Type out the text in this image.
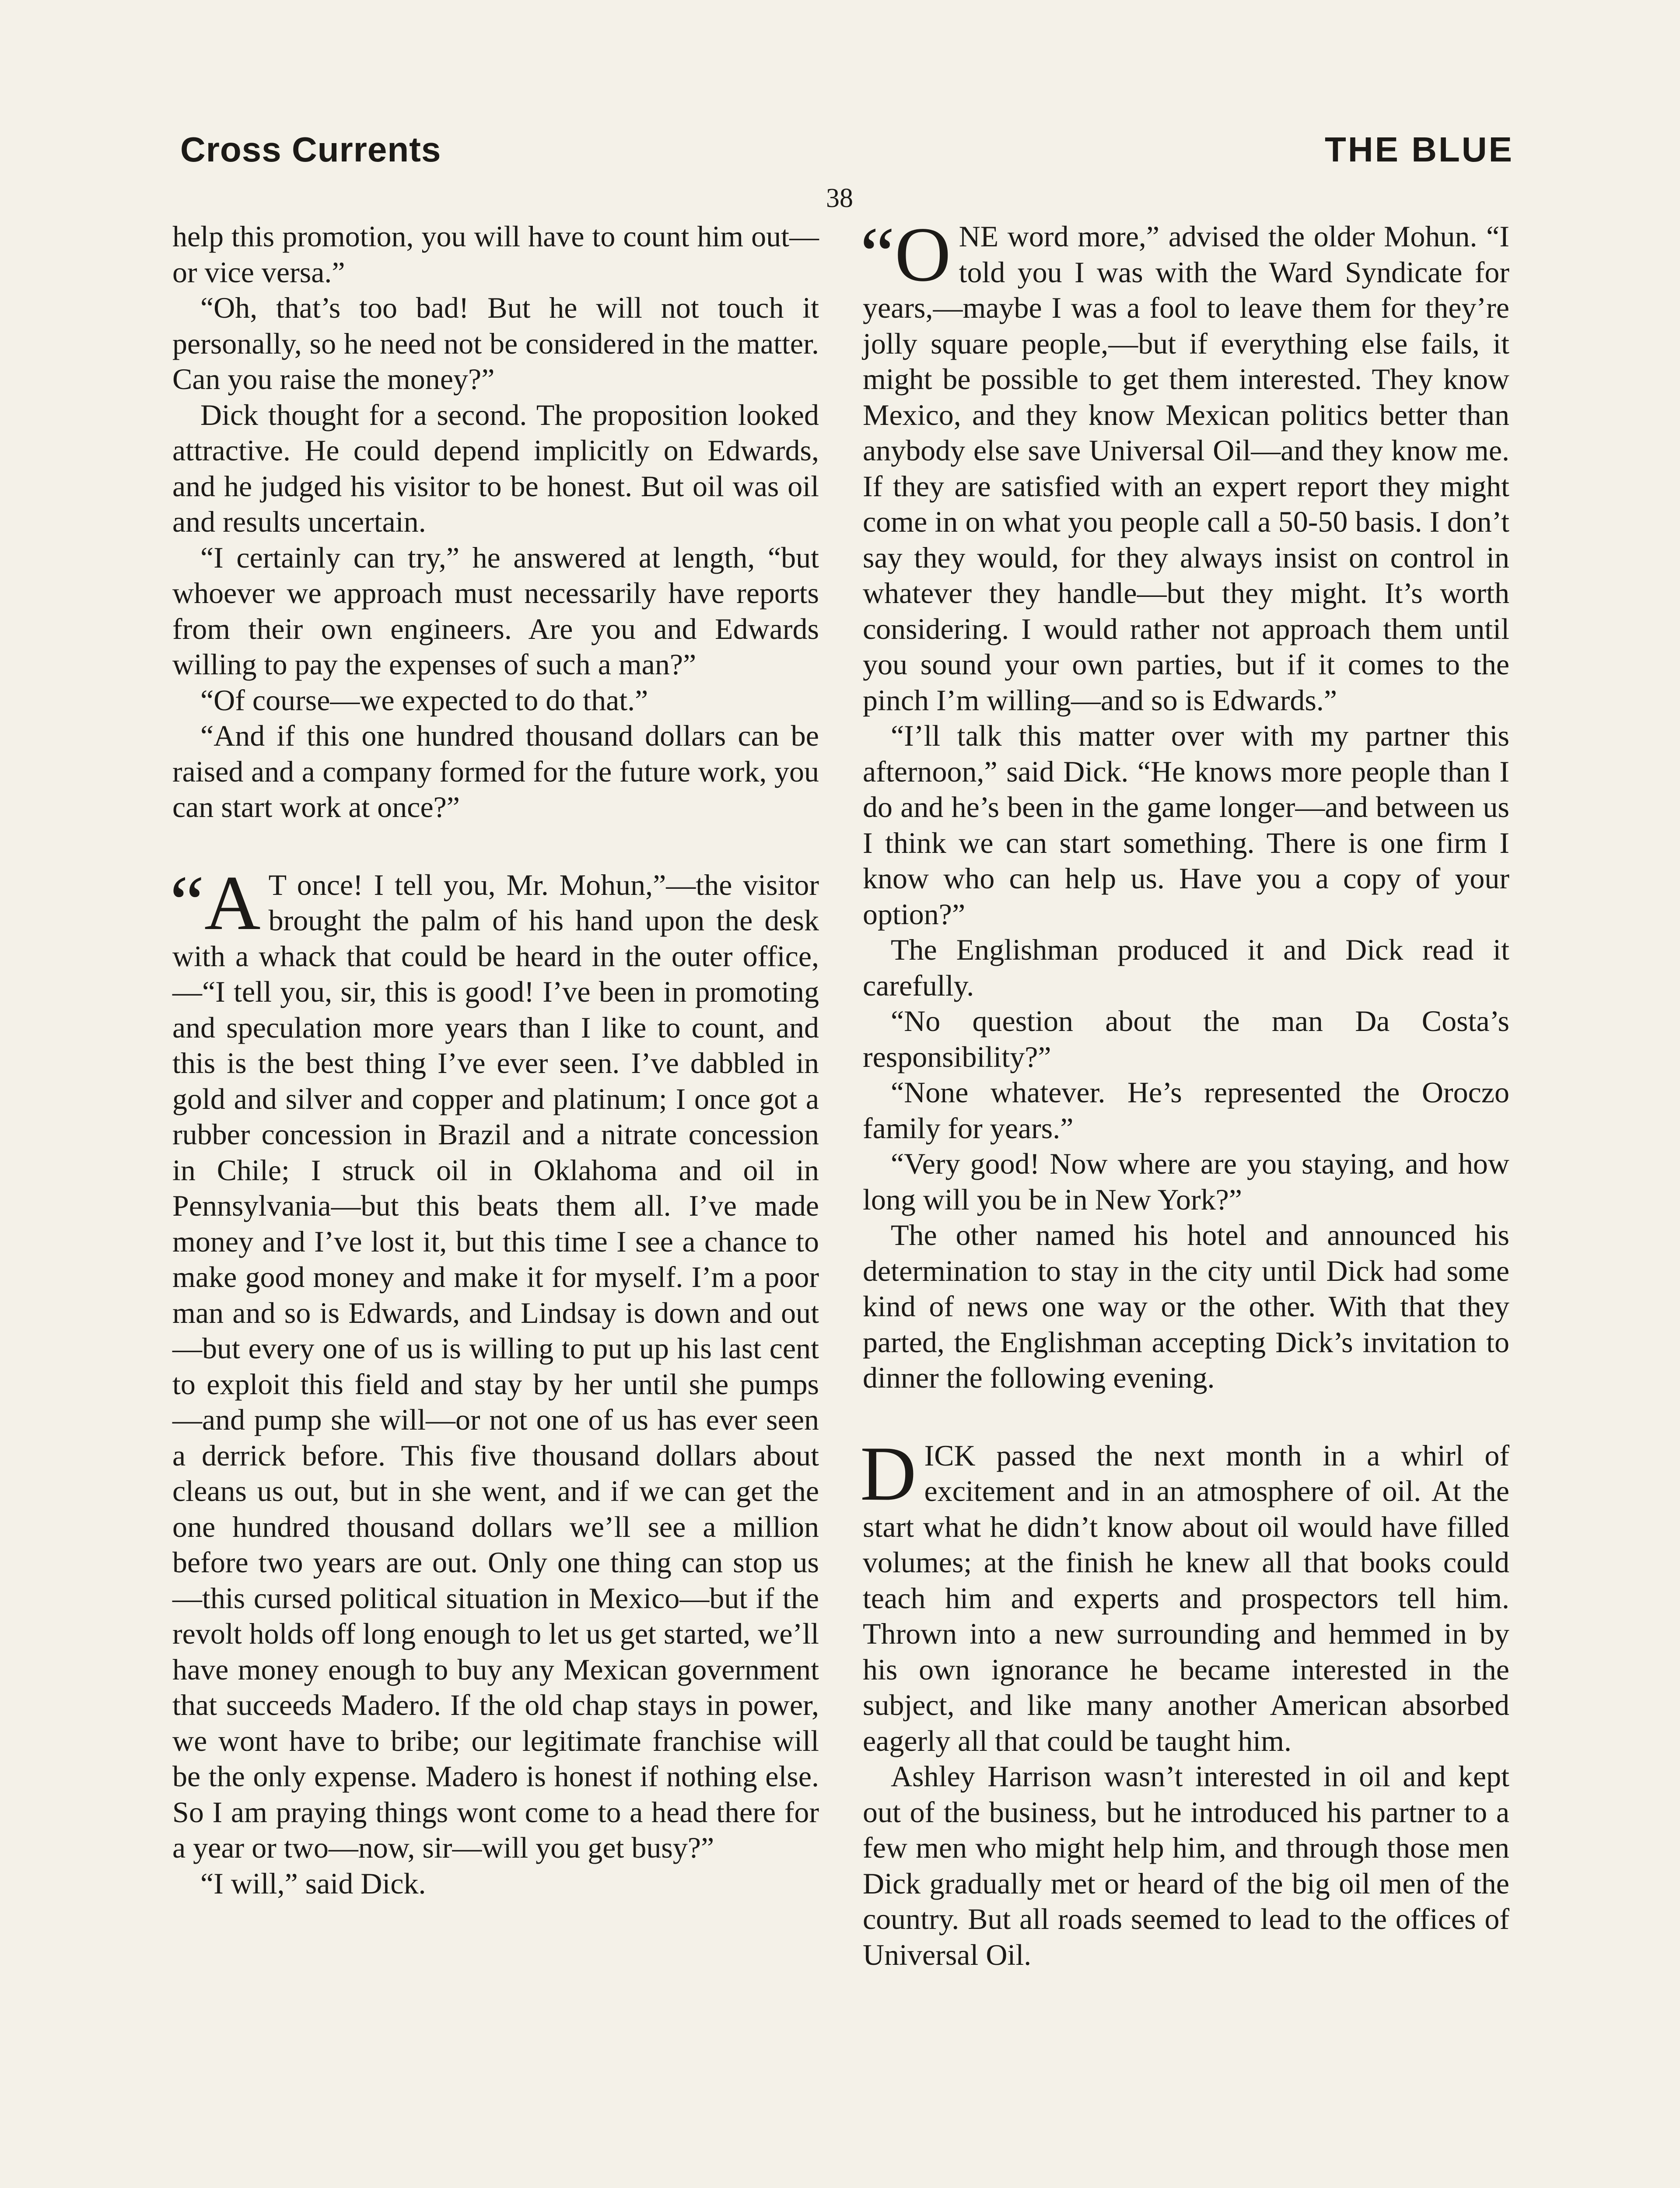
Cross Currents	THE BLUE
38

help this promotion, you will have to count him out—or vice versa.”

“Oh, that’s too bad! But he will not touch it personally, so he need not be considered in the matter. Can you raise the money?”

Dick thought for a second. The proposition looked attractive. He could depend implicitly on Edwards, and he judged his visitor to be honest. But oil was oil and results uncertain.

“I certainly can try,” he answered at length, “but whoever we approach must necessarily have reports from their own engineers. Are you and Edwards willing to pay the expenses of such a man?”

“Of course—we expected to do that.”

“And if this one hundred thousand dollars can be raised and a company formed for the future work, you can start work at once?”

“A T once! I tell you, Mr. Mohun,”—the visitor brought the palm of his hand upon the desk with a whack that could be heard in the outer office,—“I tell you, sir, this is good! I’ve been in promoting and speculation more years than I like to count, and this is the best thing I’ve ever seen. I’ve dabbled in gold and silver and copper and platinum; I once got a rubber concession in Brazil and a nitrate concession in Chile; I struck oil in Oklahoma and oil in Pennsylvania—but this beats them all. I’ve made money and I’ve lost it, but this time I see a chance to make good money and make it for myself. I’m a poor man and so is Edwards, and Lindsay is down and out—but every one of us is willing to put up his last cent to exploit this field and stay by her until she pumps —and pump she will—or not one of us has ever seen a derrick before. This five thousand dollars about cleans us out, but in she went, and if we can get the one hundred thousand dollars we’ll see a million before two years are out. Only one thing can stop us—this cursed political situation in Mexico—but if the revolt holds off long enough to let us get started, we’ll have money enough to buy any Mexican government that succeeds Madero. If the old chap stays in power, we wont have to bribe; our legitimate franchise will be the only expense. Madero is honest if nothing else. So I am praying things wont come to a head there for a year or two—now, sir—will you get busy?”

“I will,” said Dick.

“O NE word more,” advised the older Mohun. “I told you I was with the Ward Syndicate for years,—maybe I was a fool to leave them for they’re jolly square people,—but if everything else fails, it might be possible to get them interested. They know Mexico, and they know Mexican politics better than anybody else save Universal Oil—and they know me. If they are satisfied with an expert report they might come in on what you people call a 50-50 basis. I don’t say they would, for they always insist on control in whatever they handle—but they might. It’s worth considering. I would rather not approach them until you sound your own parties, but if it comes to the pinch I’m willing—and so is Edwards.”

“I’ll talk this matter over with my partner this afternoon,” said Dick. “He knows more people than I do and he’s been in the game longer—and between us I think we can start something. There is one firm I know who can help us. Have you a copy of your option?”

The Englishman produced it and Dick read it carefully.

“No question about the man Da Costa’s responsibility?”

“None whatever. He’s represented the Oroczo family for years.”

“Very good! Now where are you staying, and how long will you be in New York?”

The other named his hotel and announced his determination to stay in the city until Dick had some kind of news one way or the other. With that they parted, the Englishman accepting Dick’s invitation to dinner the following evening.

DICK passed the next month in a whirl of excitement and in an atmosphere of oil. At the start what he didn’t know about oil would have filled volumes; at the finish he knew all that books could teach him and experts and prospectors tell him. Thrown into a new surrounding and hemmed in by his own ignorance he became interested in the subject, and like many another American absorbed eagerly all that could be taught him.

Ashley Harrison wasn’t interested in oil and kept out of the business, but he introduced his partner to a few men who might help him, and through those men Dick gradually met or heard of the big oil men of the country. But all roads seemed to lead to the offices of Universal Oil.
